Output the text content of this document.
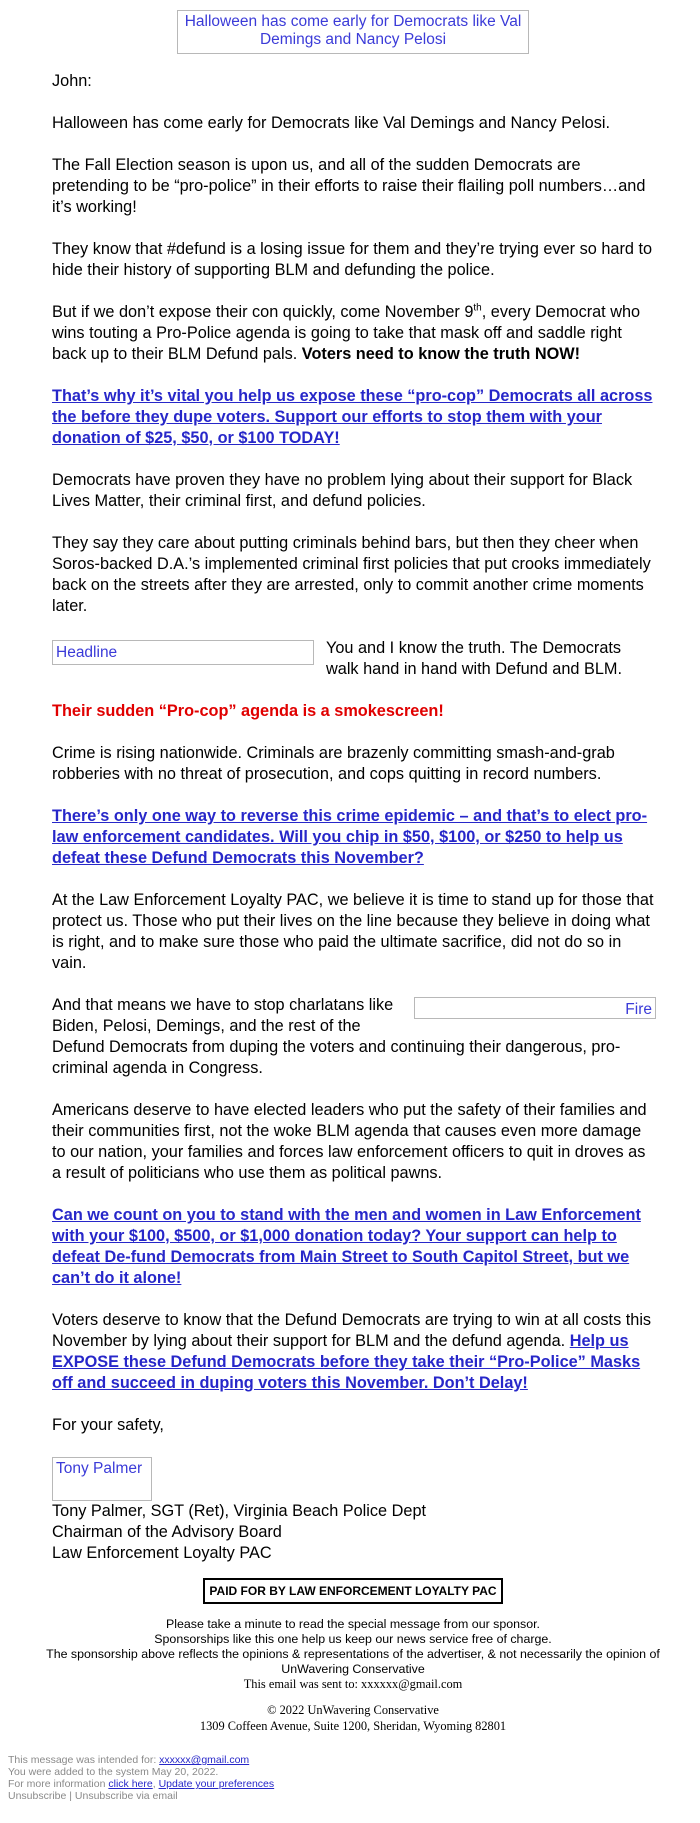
Halloween has come early for Democrats like Val Demings and Nancy Pelosi

John:

Halloween has come early for Democrats like Val Demings and Nancy Pelosi.

The Fall Election season is upon us, and all of the sudden Democrats are pretending to be “pro-police” in their efforts to raise their flailing poll numbers…and it’s working!

They know that #defund is a losing issue for them and they’re trying ever so hard to hide their history of supporting BLM and defunding the police.

But if we don’t expose their con quickly, come November 9th, every Democrat who wins touting a Pro-Police agenda is going to take that mask off and saddle right back up to their BLM Defund pals. Voters need to know the truth NOW!

That’s why it’s vital you help us expose these “pro-cop” Democrats all across the before they dupe voters. Support our efforts to stop them with your donation of $25, $50, or $100 TODAY!

Democrats have proven they have no problem lying about their support for Black Lives Matter, their criminal first, and defund policies.

They say they care about putting criminals behind bars, but then they cheer when Soros-backed D.A.’s implemented criminal first policies that put crooks immediately back on the streets after they are arrested, only to commit another crime moments later.

Headline	You and I know the truth. The Democrats walk hand in hand with Defund and BLM.

Their sudden “Pro-cop” agenda is a smokescreen!

Crime is rising nationwide. Criminals are brazenly committing smash-and-grab robberies with no threat of prosecution, and cops quitting in record numbers.

There’s only one way to reverse this crime epidemic – and that’s to elect pro-law enforcement candidates. Will you chip in $50, $100, or $250 to help us defeat these Defund Democrats this November?

At the Law Enforcement Loyalty PAC, we believe it is time to stand up for those that protect us. Those who put their lives on the line because they believe in doing what is right, and to make sure those who paid the ultimate sacrifice, did not do so in vain.

Fire

And that means we have to stop charlatans like Biden, Pelosi, Demings, and the rest of the Defund Democrats from duping the voters and continuing their dangerous, pro-criminal agenda in Congress.

Americans deserve to have elected leaders who put the safety of their families and their communities first, not the woke BLM agenda that causes even more damage to our nation, your families and forces law enforcement officers to quit in droves as a result of politicians who use them as political pawns.

Can we count on you to stand with the men and women in Law Enforcement with your $100, $500, or $1,000 donation today? Your support can help to defeat De-fund Democrats from Main Street to South Capitol Street, but we can’t do it alone!

Voters deserve to know that the Defund Democrats are trying to win at all costs this November by lying about their support for BLM and the defund agenda. Help us EXPOSE these Defund Democrats before they take their “Pro-Police” Masks off and succeed in duping voters this November. Don’t Delay!

For your safety,

Tony Palmer

Tony Palmer, SGT (Ret), Virginia Beach Police Dept

Chairman of the Advisory Board

Law Enforcement Loyalty PAC

PAID FOR BY LAW ENFORCEMENT LOYALTY PAC

Please take a minute to read the special message from our sponsor.

Sponsorships like this one help us keep our news service free of charge.

The sponsorship above reflects the opinions & representations of the advertiser, & not necessarily the opinion of UnWavering Conservative

This email was sent to: xxxxxx@gmail.com

© 2022 UnWavering Conservative

1309 Coffeen Avenue, Suite 1200, Sheridan, Wyoming 82801

This message was intended for: xxxxxx@gmail.com

You were added to the system May 20, 2022.

For more information click here, Update your preferences

Unsubscribe | Unsubscribe via email
